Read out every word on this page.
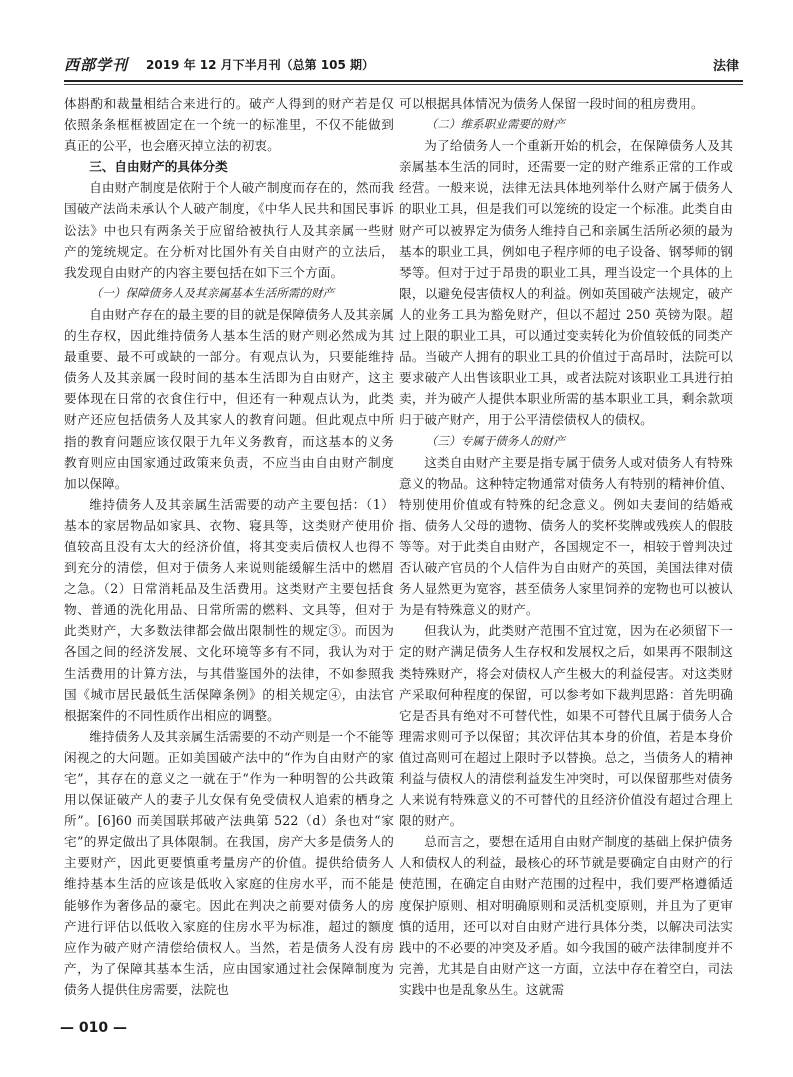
西部学刊 2019 年 12 月下半月刊（总第 105 期）	法律

体斟酌和裁量相结合来进行的。破产人得到的财产若是仅依照条条框框被固定在一个统一的标准里，不仅不能做到真正的公平，也会磨灭掉立法的初衷。

三、自由财产的具体分类

自由财产制度是依附于个人破产制度而存在的，然而我国破产法尚未承认个人破产制度，《中华人民共和国民事诉讼法》中也只有两条关于应留给被执行人及其亲属一些财产的笼统规定。在分析对比国外有关自由财产的立法后，我发现自由财产的内容主要包括在如下三个方面。

（一）保障债务人及其亲属基本生活所需的财产

自由财产存在的最主要的目的就是保障债务人及其亲属的生存权，因此维持债务人基本生活的财产则必然成为其最重要、最不可或缺的一部分。有观点认为，只要能维持债务人及其亲属一段时间的基本生活即为自由财产，这主要体现在日常的衣食住行中，但还有一种观点认为，此类财产还应包括债务人及其家人的教育问题。但此观点中所指的教育问题应该仅限于九年义务教育，而这基本的义务教育则应由国家通过政策来负责，不应当由自由财产制度加以保障。

维持债务人及其亲属生活需要的动产主要包括：（1）基本的家居物品如家具、衣物、寝具等，这类财产使用价值较高且没有太大的经济价值，将其变卖后债权人也得不到充分的清偿，但对于债务人来说则能缓解生活中的燃眉之急。（2）日常消耗品及生活费用。这类财产主要包括食物、普通的洗化用品、日常所需的燃料、文具等，但对于此类财产，大多数法律都会做出限制性的规定③。而因为各国之间的经济发展、文化环境等多有不同，我认为对于生活费用的计算方法，与其借鉴国外的法律，不如参照我国《城市居民最低生活保障条例》的相关规定④，由法官根据案件的不同性质作出相应的调整。

维持债务人及其亲属生活需要的不动产则是一个不能等闲视之的大问题。正如美国破产法中的“作为自由财产的家宅”，其存在的意义之一就在于“作为一种明智的公共政策用以保证破产人的妻子儿女保有免受债权人追索的栖身之所”。[6]60 而美国联邦破产法典第 522（d）条也对“家宅”的界定做出了具体限制。在我国，房产大多是债务人的主要财产，因此更要慎重考量房产的价值。提供给债务人维持基本生活的应该是低收入家庭的住房水平，而不能是能够作为奢侈品的豪宅。因此在判决之前要对债务人的房产进行评估以低收入家庭的住房水平为标准，超过的额度应作为破产财产清偿给债权人。当然，若是债务人没有房产，为了保障其基本生活，应由国家通过社会保障制度为债务人提供住房需要，法院也

可以根据具体情况为债务人保留一段时间的租房费用。

（二）维系职业需要的财产

为了给债务人一个重新开始的机会，在保障债务人及其亲属基本生活的同时，还需要一定的财产维系正常的工作或经营。一般来说，法律无法具体地列举什么财产属于债务人的职业工具，但是我们可以笼统的设定一个标准。此类自由财产可以被界定为债务人维持自己和亲属生活所必须的最为基本的职业工具，例如电子程序师的电子设备、钢琴师的钢琴等。但对于过于昂贵的职业工具，理当设定一个具体的上限，以避免侵害债权人的利益。例如英国破产法规定，破产人的业务工具为豁免财产，但以不超过 250 英镑为限。超过上限的职业工具，可以通过变卖转化为价值较低的同类产品。当破产人拥有的职业工具的价值过于高昂时，法院可以要求破产人出售该职业工具，或者法院对该职业工具进行拍卖，并为破产人提供本职业所需的基本职业工具，剩余款项归于破产财产，用于公平清偿债权人的债权。

（三）专属于债务人的财产

这类自由财产主要是指专属于债务人或对债务人有特殊意义的物品。这种特定物通常对债务人有特别的精神价值、特别使用价值或有特殊的纪念意义。例如夫妻间的结婚戒指、债务人父母的遗物、债务人的奖杯奖牌或残疾人的假肢等等。对于此类自由财产，各国规定不一，相较于曾判决过否认破产官员的个人信件为自由财产的英国，美国法律对债务人显然更为宽容，甚至债务人家里饲养的宠物也可以被认为是有特殊意义的财产。

但我认为，此类财产范围不宜过宽，因为在必须留下一定的财产满足债务人生存权和发展权之后，如果再不限制这类特殊财产，将会对债权人产生极大的利益侵害。对这类财产采取何种程度的保留，可以参考如下裁判思路：首先明确它是否具有绝对不可替代性，如果不可替代且属于债务人合理需求则可予以保留；其次评估其本身的价值，若是本身价值过高则可在超过上限时予以替换。总之，当债务人的精神利益与债权人的清偿利益发生冲突时，可以保留那些对债务人来说有特殊意义的不可替代的且经济价值没有超过合理上限的财产。

总而言之，要想在适用自由财产制度的基础上保护债务人和债权人的利益，最核心的环节就是要确定自由财产的行使范围，在确定自由财产范围的过程中，我们要严格遵循适度保护原则、相对明确原则和灵活机变原则，并且为了更审慎的适用，还可以对自由财产进行具体分类，以解决司法实践中的不必要的冲突及矛盾。如今我国的破产法律制度并不完善，尤其是自由财产这一方面，立法中存在着空白，司法实践中也是乱象丛生。这就需

— 010 —
